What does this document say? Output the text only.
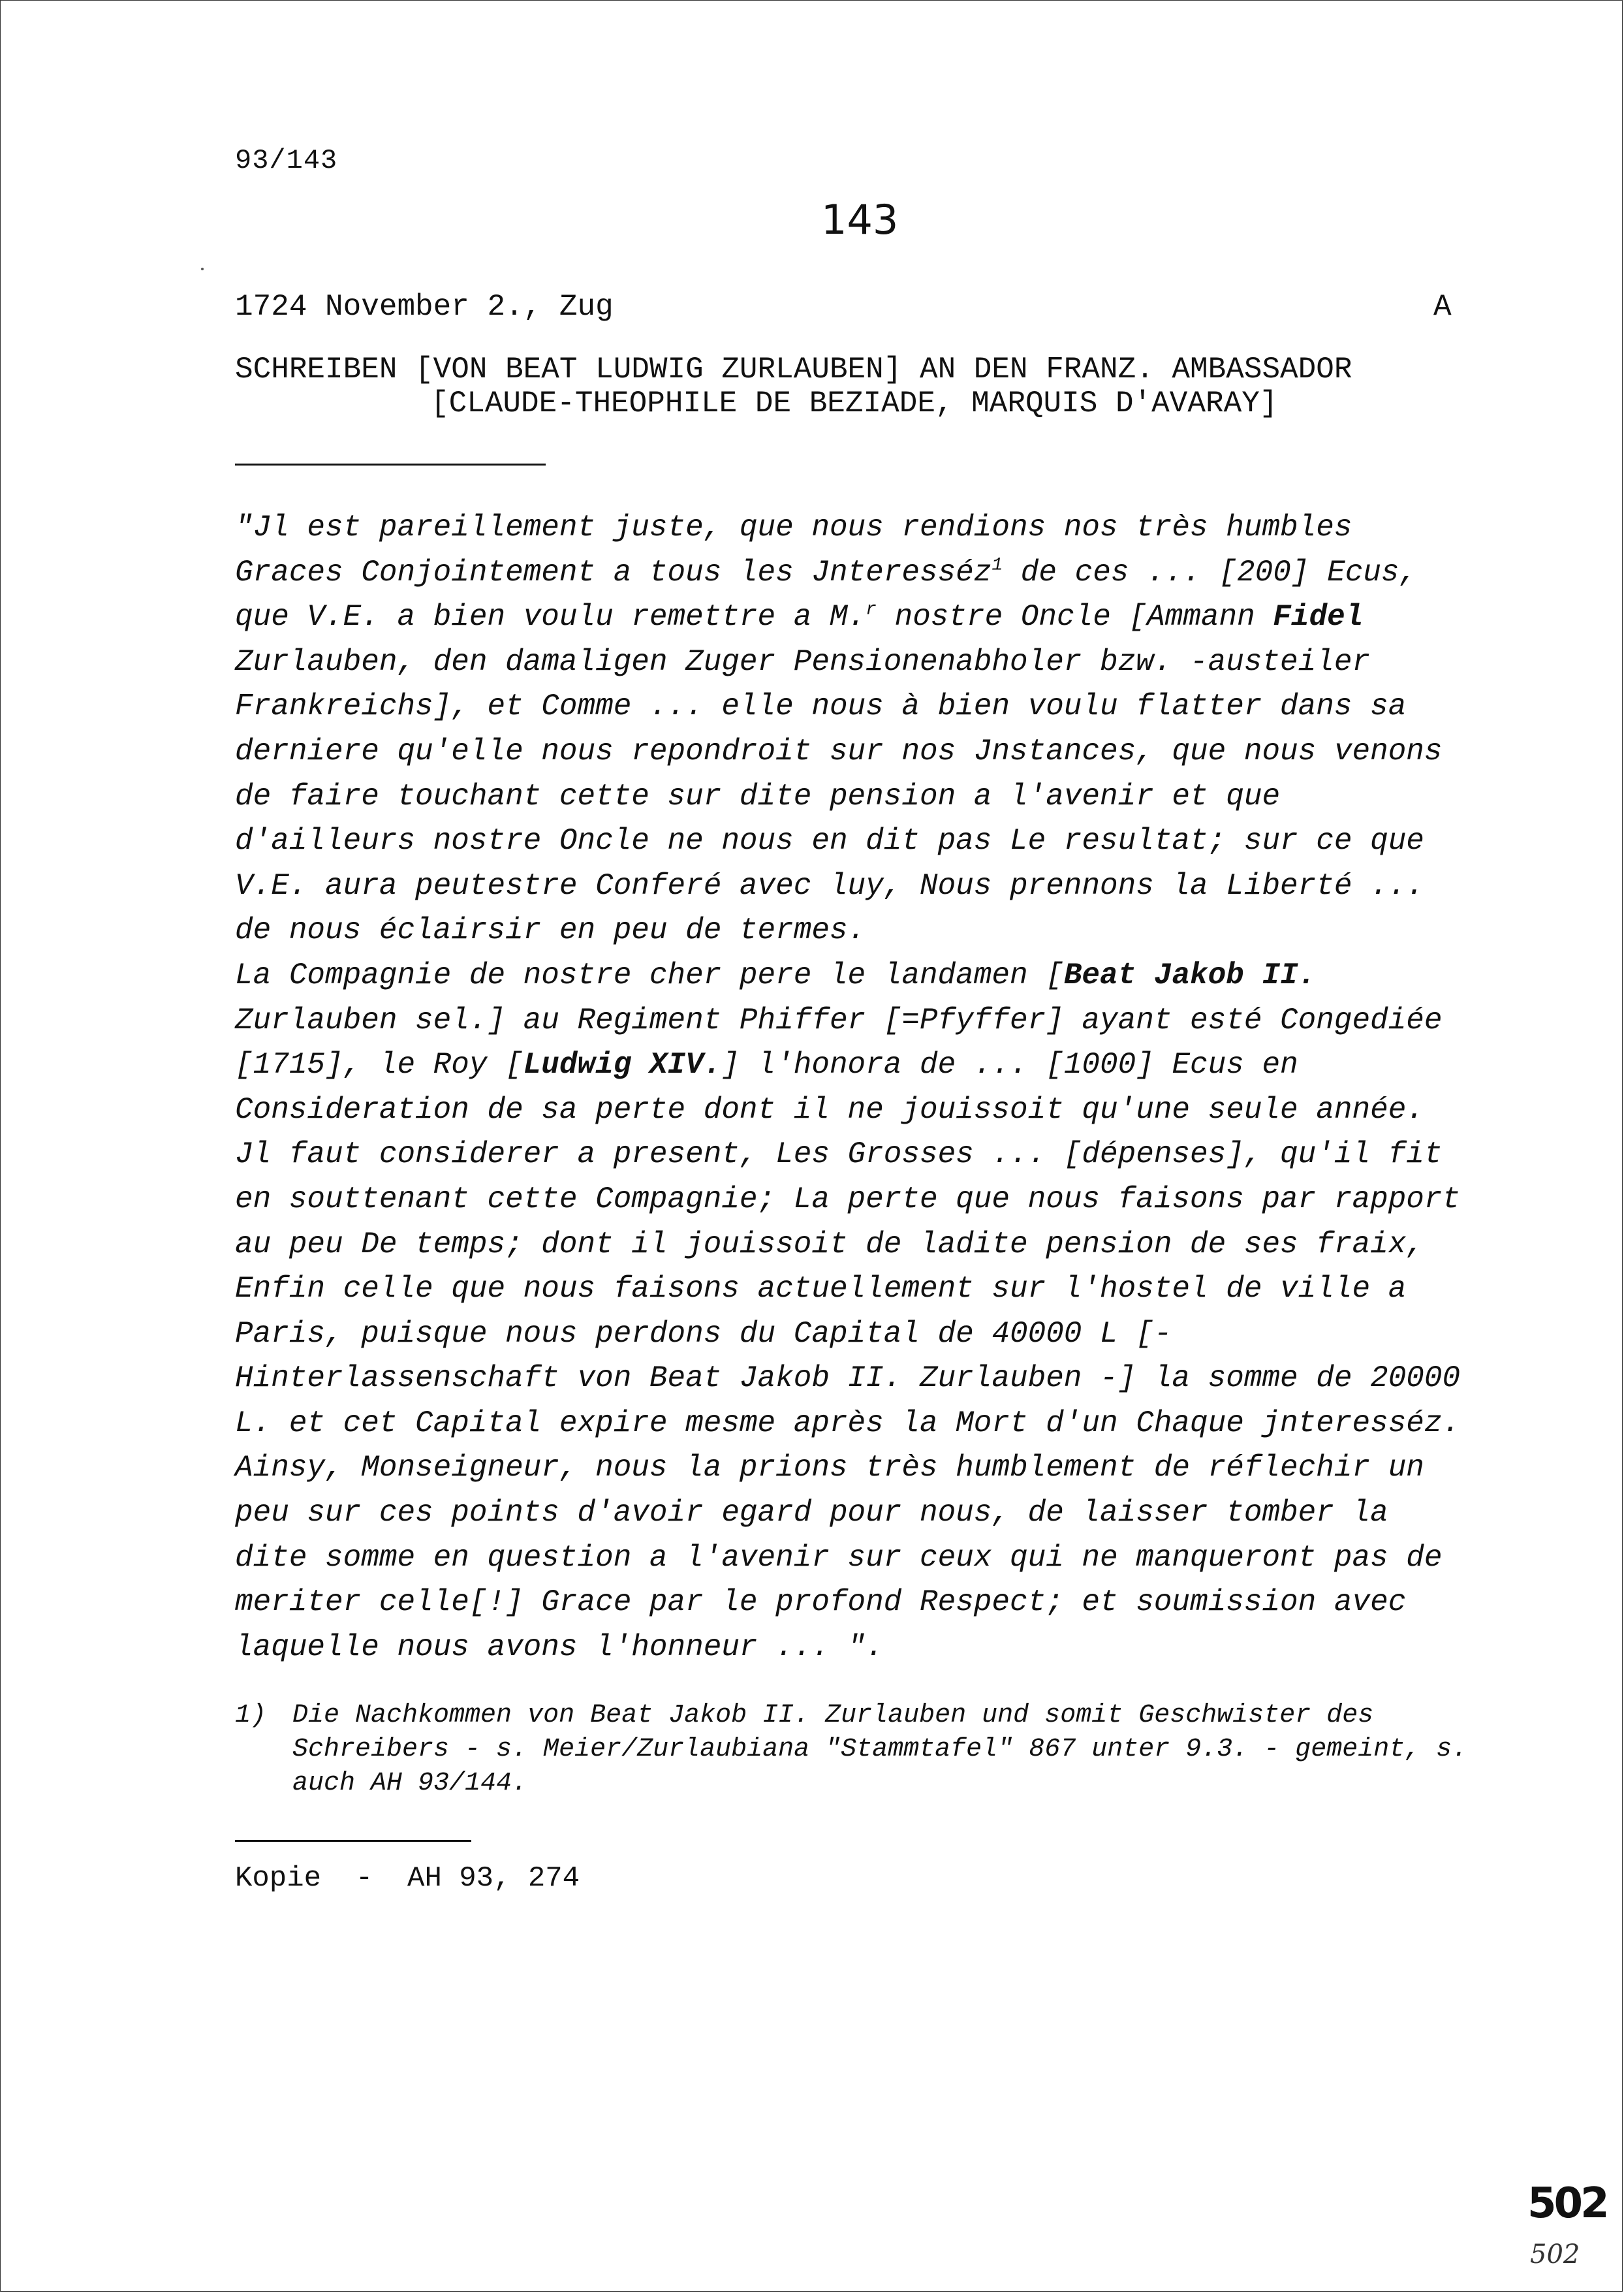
93/143
143
1724 November 2., Zug	A
SCHREIBEN [VON BEAT LUDWIG ZURLAUBEN] AN DEN FRANZ. AMBASSADOR
[CLAUDE-THEOPHILE DE BEZIADE, MARQUIS D'AVARAY]

"Jl est pareillement juste, que nous rendions nos très humbles Graces Conjointement a tous les Jnteresséz$^1$ de ces ... [200] Ecus, que V.E. a bien voulu remettre a M.$^r$ nostre Oncle [Ammann Fidel Zurlauben, den damaligen Zuger Pensionenabholer bzw. -austeiler Frankreichs], et Comme ... elle nous à bien voulu flatter dans sa derniere qu'elle nous repondroit sur nos Jnstances, que nous venons de faire touchant cette sur dite pension a l'avenir et que d'ailleurs nostre Oncle ne nous en dit pas Le resultat; sur ce que V.E. aura peutestre Conferé avec luy, Nous prennons la Liberté ... de nous éclairsir en peu de termes.

La Compagnie de nostre cher pere le landamen [Beat Jakob II. Zurlauben sel.] au Regiment Phiffer [=Pfyffer] ayant esté Congediée [1715], le Roy [Ludwig XIV.] l'honora de ... [1000] Ecus en Consideration de sa perte dont il ne jouissoit qu'une seule année. Jl faut considerer a present, Les Grosses ... [dépenses], qu'il fit en souttenant cette Compagnie; La perte que nous faisons par rapport au peu De temps; dont il jouissoit de ladite pension de ses fraix, Enfin celle que nous faisons actuellement sur l'hostel de ville a Paris, puisque nous perdons du Capital de 40000 L [- Hinterlassenschaft von Beat Jakob II. Zurlauben -] la somme de 20000 L. et cet Capital expire mesme après la Mort d'un Chaque jnteresséz.

Ainsy, Monseigneur, nous la prions très humblement de réflechir un peu sur ces points d'avoir egard pour nous, de laisser tomber la dite somme en question a l'avenir sur ceux qui ne manqueront pas de meriter celle[!] Grace par le profond Respect; et soumission avec laquelle nous avons l'honneur ... ".

1) Die Nachkommen von Beat Jakob II. Zurlauben und somit Geschwister des Schreibers - s. Meier/Zurlaubiana "Stammtafel" 867 unter 9.3. - gemeint, s. auch AH 93/144.
Kopie  -  AH 93, 274
502
502
